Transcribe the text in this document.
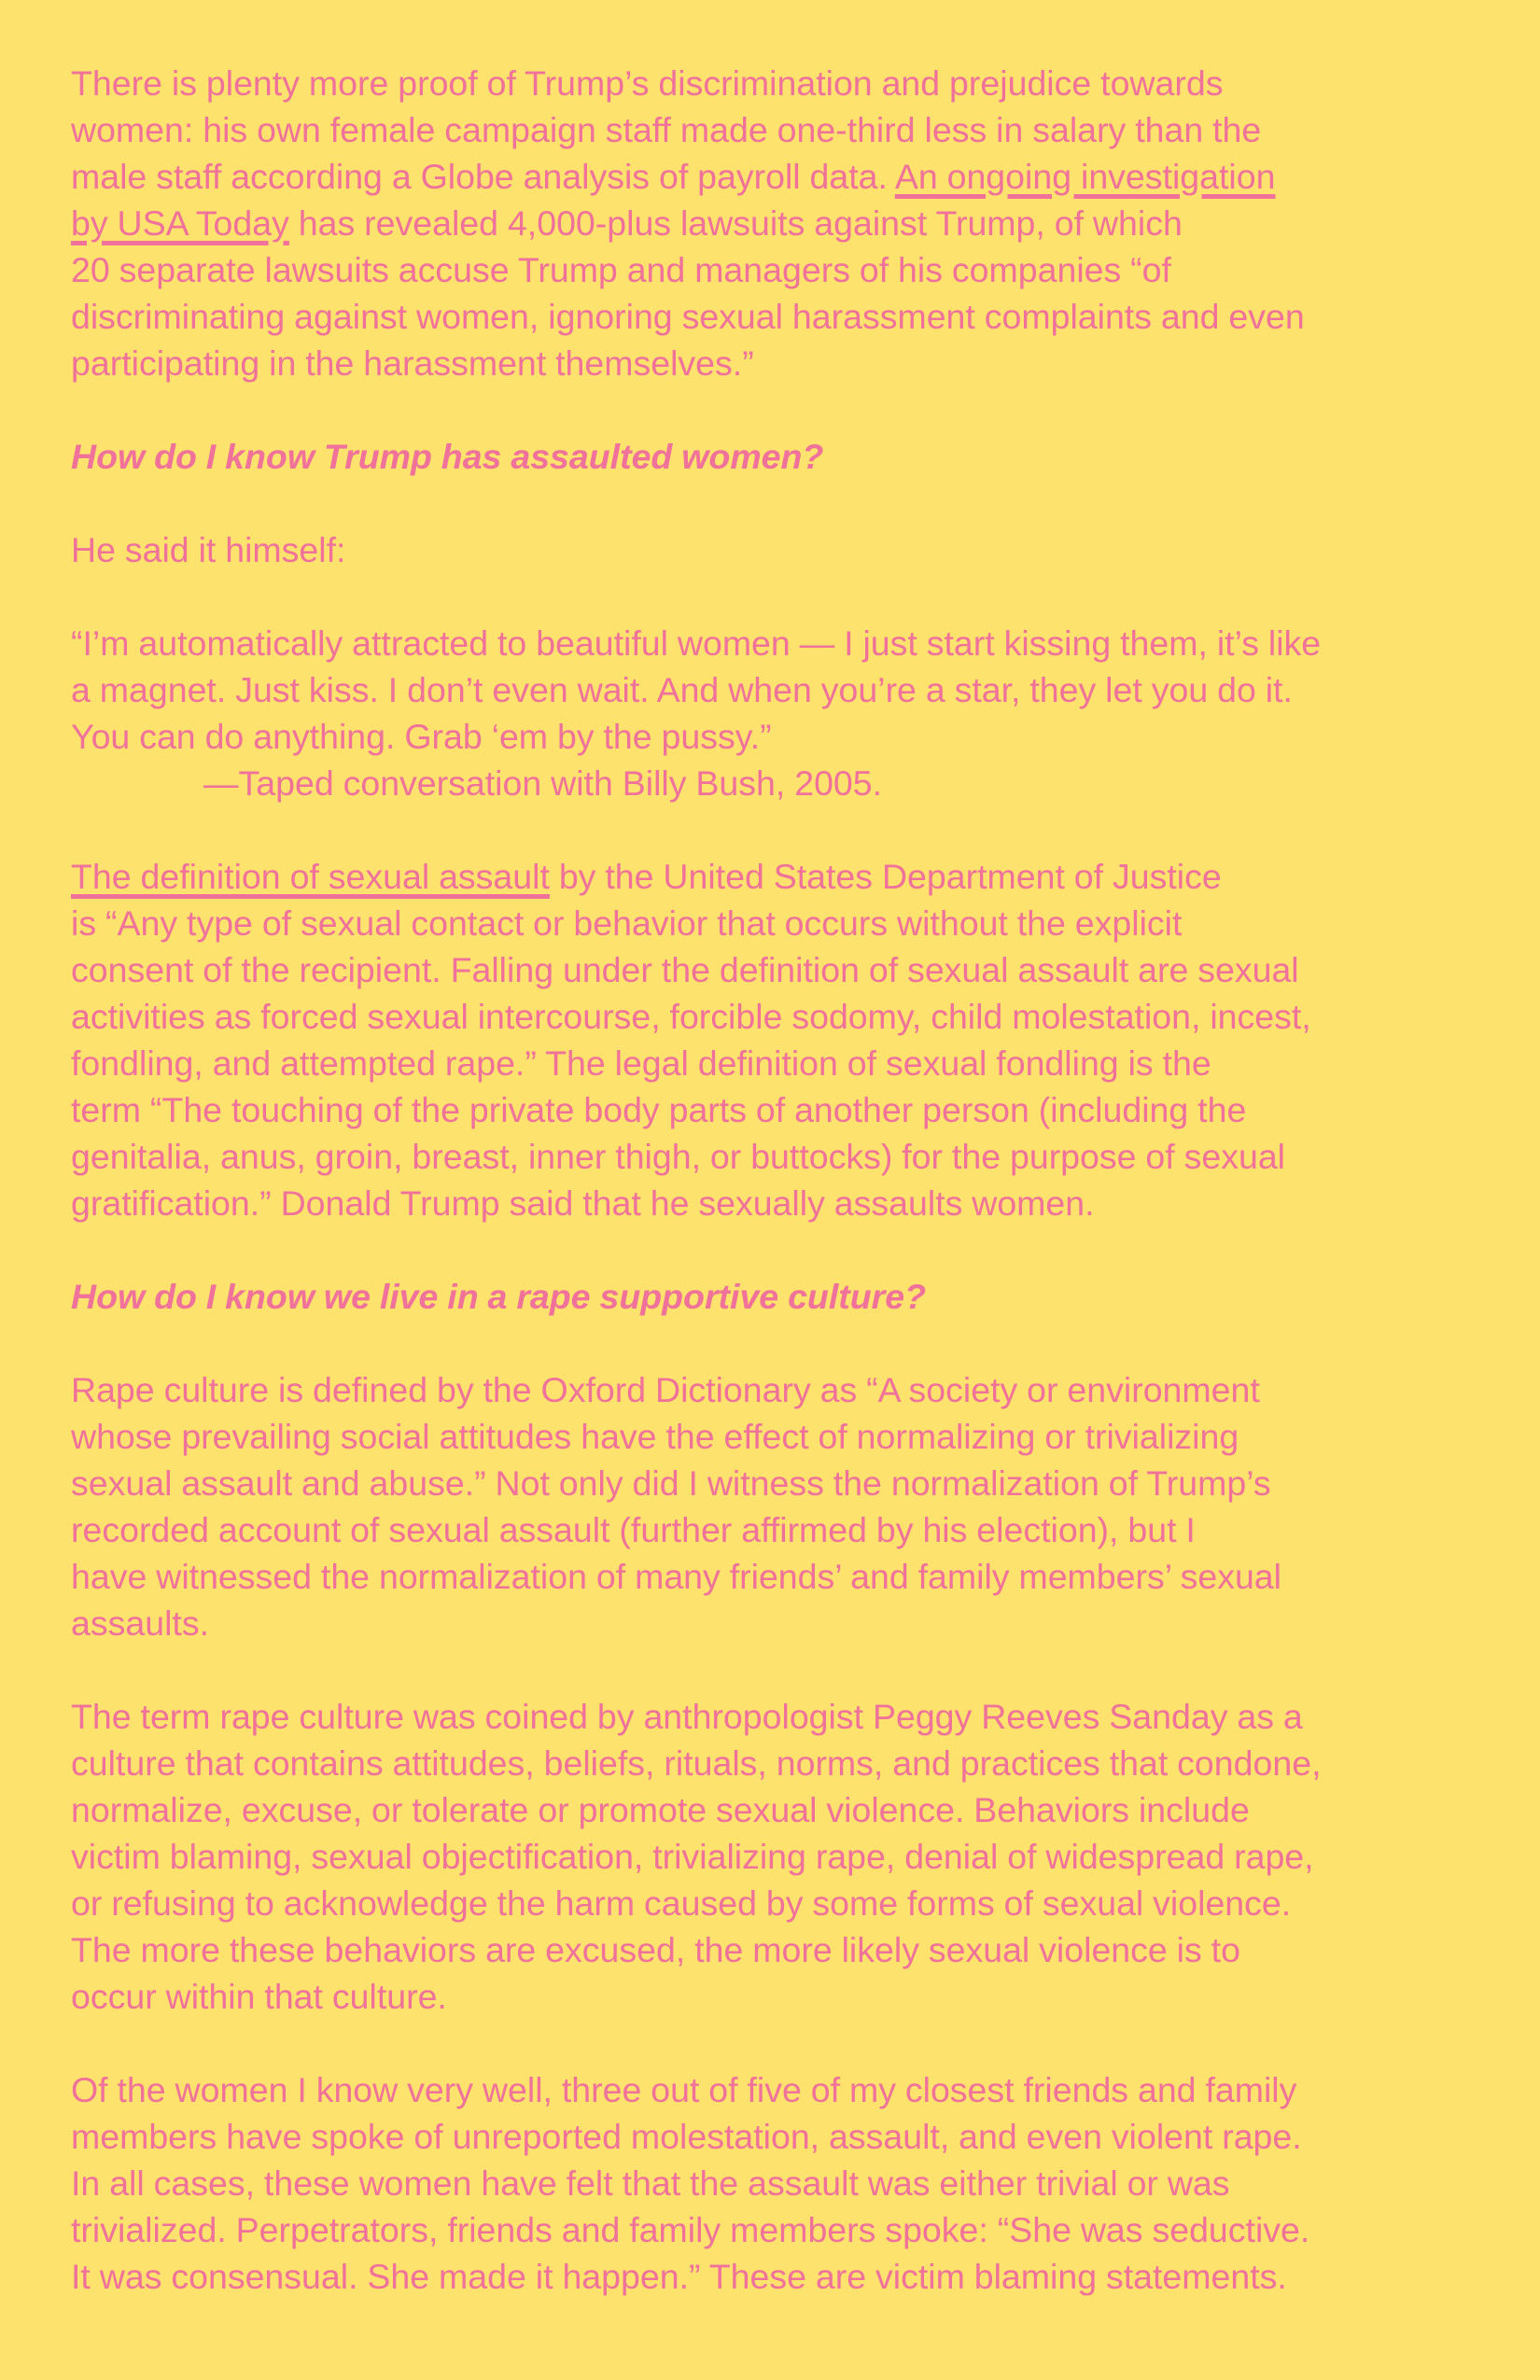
There is plenty more proof of Trump’s discrimination and prejudice towards
women: his own female campaign staff made one-third less in salary than the
male staff according a Globe analysis of payroll data. An ongoing investigation
by USA Today has revealed 4,000-plus lawsuits against Trump, of which
20 separate lawsuits accuse Trump and managers of his companies “of
discriminating against women, ignoring sexual harassment complaints and even
participating in the harassment themselves.”
How do I know Trump has assaulted women?
He said it himself:
“I’m automatically attracted to beautiful women — I just start kissing them, it’s like
a magnet. Just kiss. I don’t even wait. And when you’re a star, they let you do it.
You can do anything. Grab ‘em by the pussy.”
—Taped conversation with Billy Bush, 2005.
The definition of sexual assault by the United States Department of Justice
is “Any type of sexual contact or behavior that occurs without the explicit
consent of the recipient. Falling under the definition of sexual assault are sexual
activities as forced sexual intercourse, forcible sodomy, child molestation, incest,
fondling, and attempted rape.” The legal definition of sexual fondling is the
term “The touching of the private body parts of another person (including the
genitalia, anus, groin, breast, inner thigh, or buttocks) for the purpose of sexual
gratification.” Donald Trump said that he sexually assaults women.
How do I know we live in a rape supportive culture?
Rape culture is defined by the Oxford Dictionary as “A society or environment
whose prevailing social attitudes have the effect of normalizing or trivializing
sexual assault and abuse.” Not only did I witness the normalization of Trump’s
recorded account of sexual assault (further affirmed by his election), but I
have witnessed the normalization of many friends’ and family members’ sexual
assaults.
The term rape culture was coined by anthropologist Peggy Reeves Sanday as a
culture that contains attitudes, beliefs, rituals, norms, and practices that condone,
normalize, excuse, or tolerate or promote sexual violence. Behaviors include
victim blaming, sexual objectification, trivializing rape, denial of widespread rape,
or refusing to acknowledge the harm caused by some forms of sexual violence.
The more these behaviors are excused, the more likely sexual violence is to
occur within that culture.
Of the women I know very well, three out of five of my closest friends and family
members have spoke of unreported molestation, assault, and even violent rape.
In all cases, these women have felt that the assault was either trivial or was
trivialized. Perpetrators, friends and family members spoke: “She was seductive.
It was consensual. She made it happen.” These are victim blaming statements.
